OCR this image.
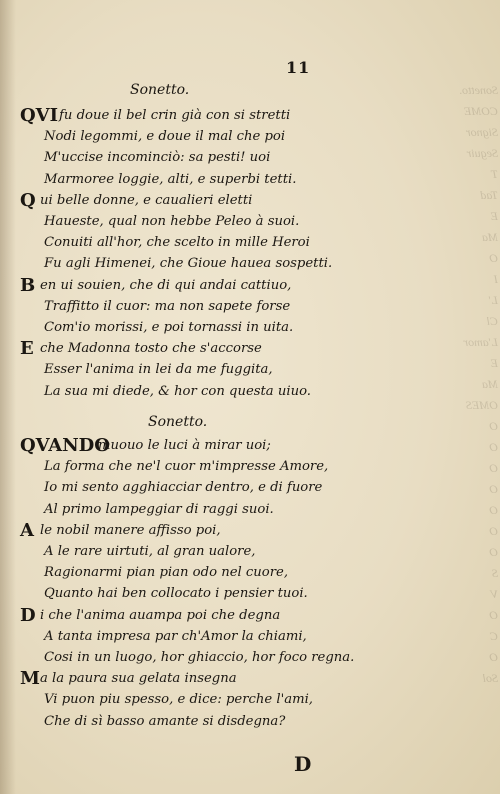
Sonetto.
COME
Signor
Seguir
T
Tad
E
Ma
O
I
L'
Cl
L'amor
E
Ma
OMES
O
O
O
O
O
O
O
S
V
O
C
O
Sol
11
Sonetto.
QVI fu doue il bel crin già con si stretti
Nodi legommi, e doue il mal che poi
M'uccise incominciò: sa pesti! uoi
Marmoree loggie, alti, e superbi tetti.
Q ui belle donne, e caualieri eletti
Haueste, qual non hebbe Peleo à suoi.
Conuiti all'hor, che scelto in mille Heroi
Fu agli Himenei, che Gioue hauea sospetti.
B en ui souien, che di qui andai cattiuo,
Traffitto il cuor: ma non sapete forse
Com'io morissi, e poi tornassi in uita.
E che Madonna tosto che s'accorse
Esser l'anima in lei da me fuggita,
La sua mi diede, & hor con questa uiuo.
Sonetto.
QVANDO
muouo le luci à mirar uoi;
La forma che ne'l cuor m'impresse Amore,
Io mi sento agghiacciar dentro, e di fuore
Al primo lampeggiar di raggi suoi.
A le nobil manere affisso poi,
A le rare uirtuti, al gran ualore,
Ragionarmi pian pian odo nel cuore,
Quanto hai ben collocato i pensier tuoi.
D i che l'anima auampa poi che degna
A tanta impresa par ch'Amor la chiami,
Cosi in un luogo, hor ghiaccio, hor foco regna.
M a la paura sua gelata insegna
Vi puon piu spesso, e dice: perche l'ami,
Che di sì basso amante si disdegna?
D
